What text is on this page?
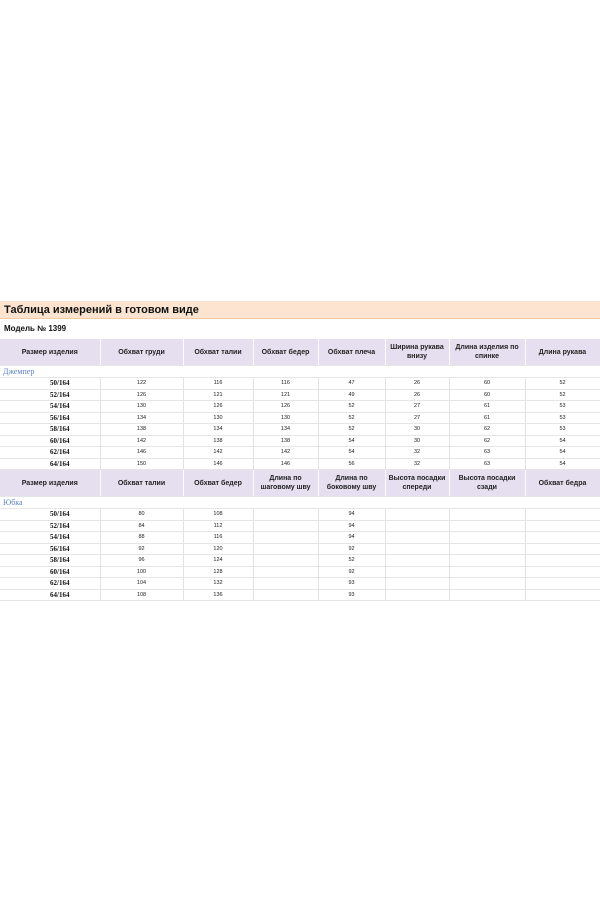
Таблица измерений в готовом виде
Модель № 1399
Размер изделия	Обхват груди	Обхват талии	Обхват бедер	Обхват плеча	Ширина рукава внизу	Длина изделия по спинке	Длина рукава
Джемпер							
50/164	122	116	116	47	26	60	52
52/164	126	121	121	49	26	60	52
54/164	130	126	126	52	27	61	53
56/164	134	130	130	52	27	61	53
58/164	138	134	134	52	30	62	53
60/164	142	138	138	54	30	62	54
62/164	146	142	142	54	32	63	54
64/164	150	146	146	56	32	63	54
Размер изделия	Обхват талии	Обхват бедер	Длина по шаговому шву	Длина по боковому шву	Высота посадки спереди	Высота посадки сзади	Обхват бедра
Юбка							
50/164	80	108		94			
52/164	84	112		94			
54/164	88	116		94			
56/164	92	120		92			
58/164	96	124		52			
60/164	100	128		92			
62/164	104	132		93			
64/164	108	136		93			
